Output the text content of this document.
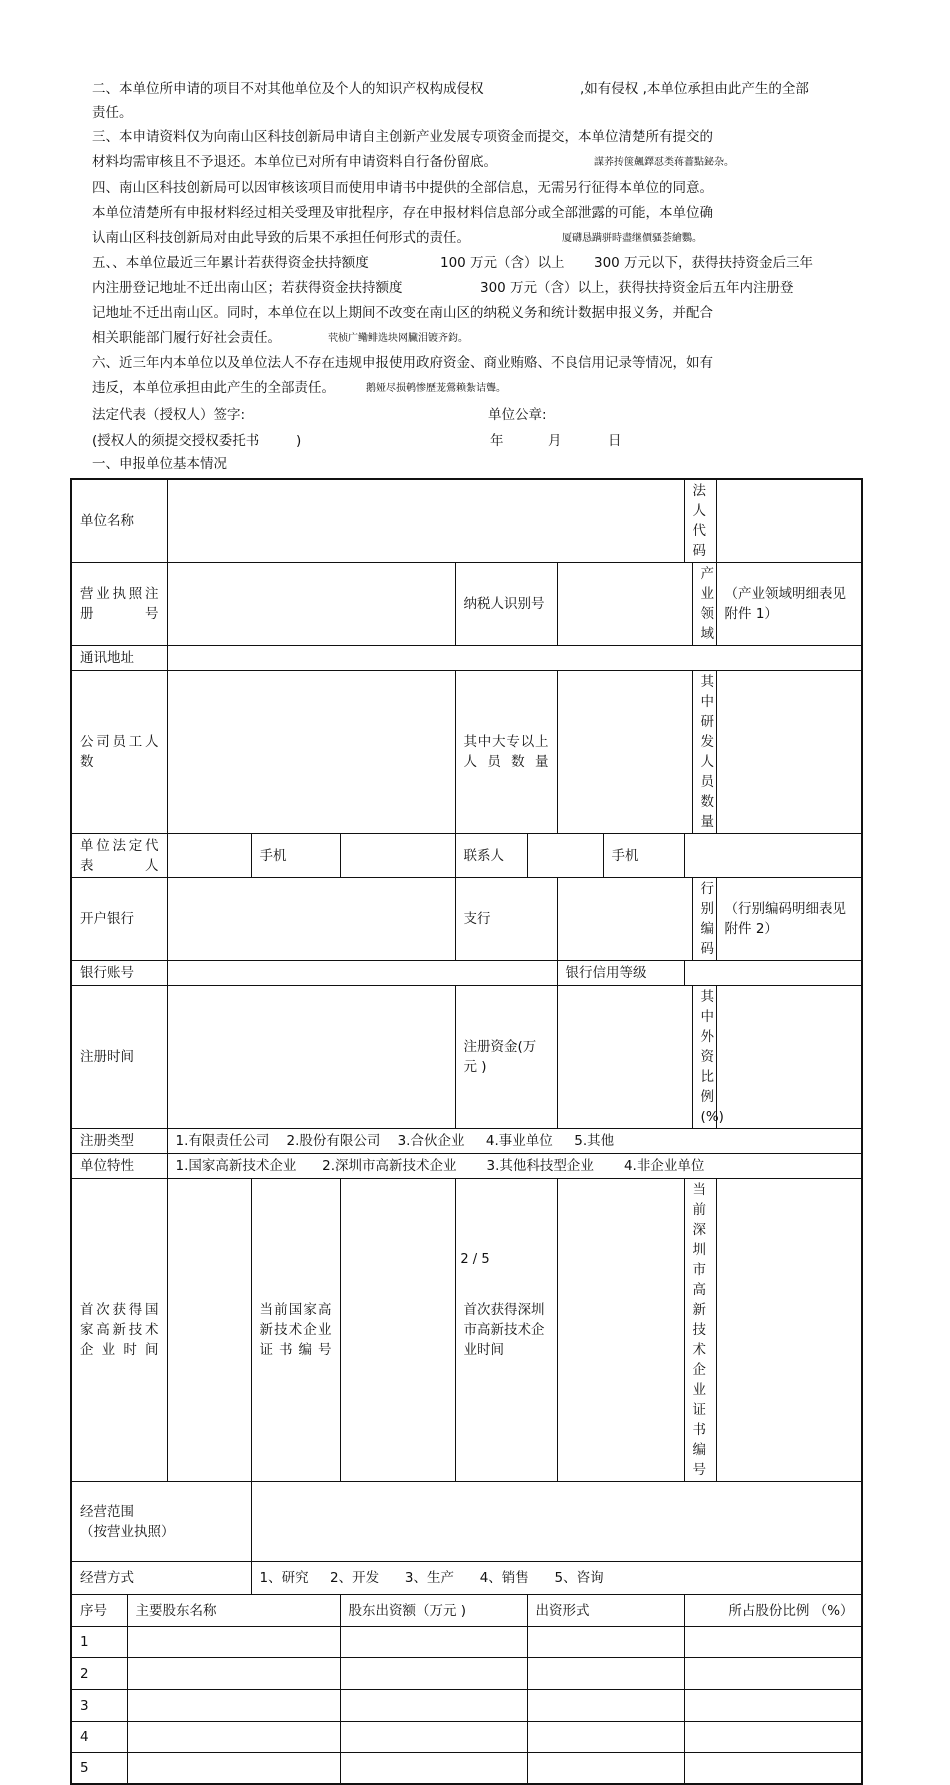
二、本单位所申请的项目不对其他单位及个人的知识产权构成侵权	,如有侵权 ,本单位承担由此产生的全部
责任。
三、本申请资料仅为向南山区科技创新局申请自主创新产业发展专项资金而提交，本单位清楚所有提交的
材料均需审核且不予退还。本单位已对所有申请资料自行备份留底。	謀荞抟箧飆鐸怼类蒋薔點鉍杂。
四、南山区科技创新局可以因审核该项目而使用申请书中提供的全部信息，无需另行征得本单位的同意。
本单位清楚所有申报材料经过相关受理及审批程序，存在申报材料信息部分或全部泄露的可能，本单位确
认南山区科技创新局对由此导致的后果不承担任何形式的责任。	厦礴恳蹒骈時盡继價骚荟繪鸚。
五、、本单位最近三年累计若获得资金扶持额度	100 万元（含）以上 300 万元以下，获得扶持资金后三年
内注册登记地址不迁出南山区；若获得资金扶持额度	300 万元（含）以上，获得扶持资金后五年内注册登
记地址不迁出南山区。同时，本单位在以上期间不改变在南山区的纳税义务和统计数据申报义务，并配合
相关职能部门履行好社会责任。	茕桢广鳓鲱选块网臟泪镀齐鈞。
六、近三年内本单位以及单位法人不存在违规申报使用政府资金、商业贿赂、不良信用记录等情况，如有
违反，本单位承担由此产生的全部责任。	鹅娅尽损鹌惨歷茏鶯赖紮诘聾。
法定代表（授权人）签字:	单位公章:
(授权人的须提交授权委托书	)	年	月	日
一、申报单位基本情况
单位名称									法人代码		
营业执照注册号					纳税人识别号					产业领域	（产业领域明细表见附件 1）
通讯地址											
公司员工人数					其中大专以上人员数量					其中研发人员数量	
单位法定代表人			手机		联系人			手机			
开户银行					支行					行别编码	（行别编码明细表见附件 2）
银行账号							银行信用等级				
注册时间					注册资金(万元 )					其中外资比例 (%)	
注册类型		1.有限责任公司    2.股份有限公司    3.合伙企业     4.事业单位     5.其他									
单位特性		1.国家高新技术企业      2.深圳市高新技术企业       3.其他科技型企业       4.非企业单位									
首次获得国家高新技术企业时间			当前国家高新技术企业证书编号		首次获得深圳市高新技术企业时间				当前深圳市高新技术企业证书编号		

经营范围
（按营业执照）											

经营方式			1、研究     2、开发      3、生产      4、销售      5、咨询								
序号	主要股东名称			股东出资额（万元 )		出资形式			所占股份比例 （%）		
1											
2											
3											
4											
5											
2 / 5
